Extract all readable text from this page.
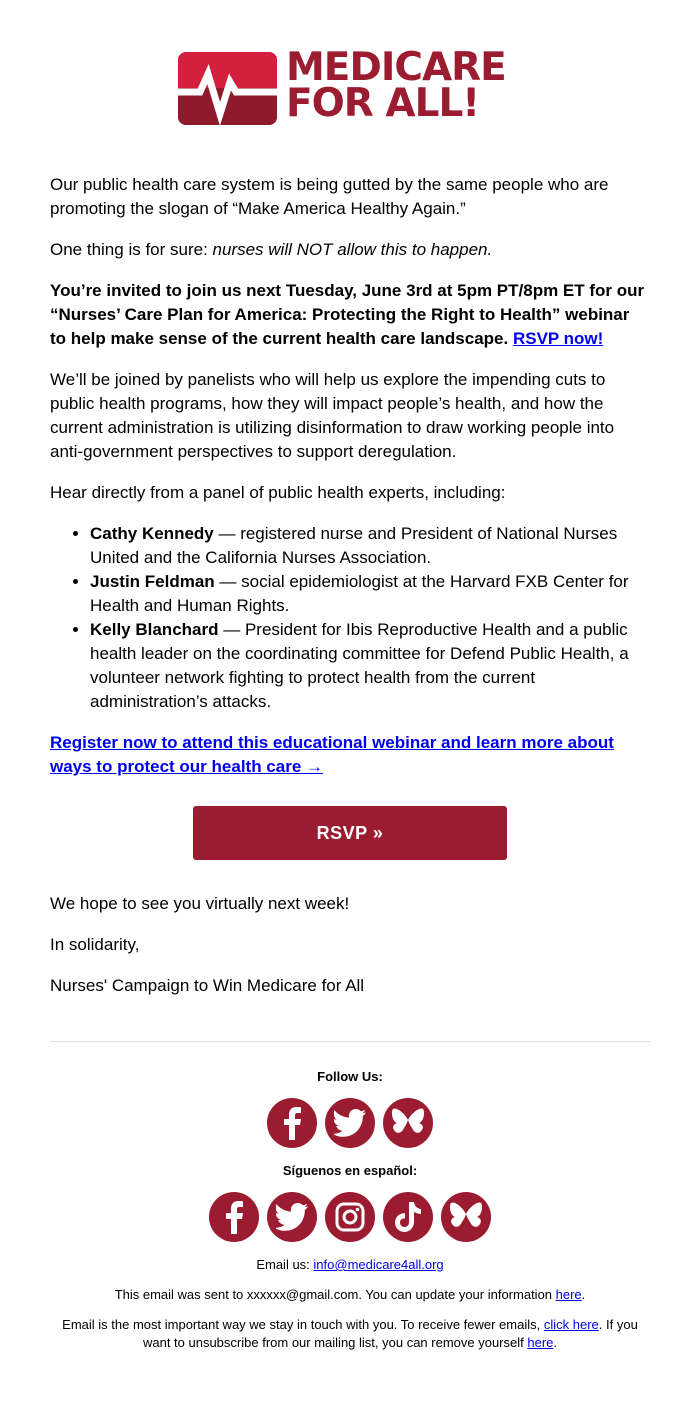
MEDICARE
FOR ALL!

Our public health care system is being gutted by the same people who are promoting the slogan of “Make America Healthy Again.”

One thing is for sure: nurses will NOT allow this to happen.

You’re invited to join us next Tuesday, June 3rd at 5pm PT/8pm ET for our “Nurses’ Care Plan for America: Protecting the Right to Health” webinar to help make sense of the current health care landscape. RSVP now!

We’ll be joined by panelists who will help us explore the impending cuts to public health programs, how they will impact people’s health, and how the current administration is utilizing disinformation to draw working people into anti-government perspectives to support deregulation.

Hear directly from a panel of public health experts, including:

• Cathy Kennedy — registered nurse and President of National Nurses United and the California Nurses Association.
• Justin Feldman — social epidemiologist at the Harvard FXB Center for Health and Human Rights.
• Kelly Blanchard — President for Ibis Reproductive Health and a public health leader on the coordinating committee for Defend Public Health, a volunteer network fighting to protect health from the current administration’s attacks.

Register now to attend this educational webinar and learn more about ways to protect our health care →

RSVP »

We hope to see you virtually next week!

In solidarity,

Nurses' Campaign to Win Medicare for All

Follow Us:
Síguenos en español:
Email us: info@medicare4all.org
This email was sent to xxxxxx@gmail.com. You can update your information here.
Email is the most important way we stay in touch with you. To receive fewer emails, click here. If you want to unsubscribe from our mailing list, you can remove yourself here.
